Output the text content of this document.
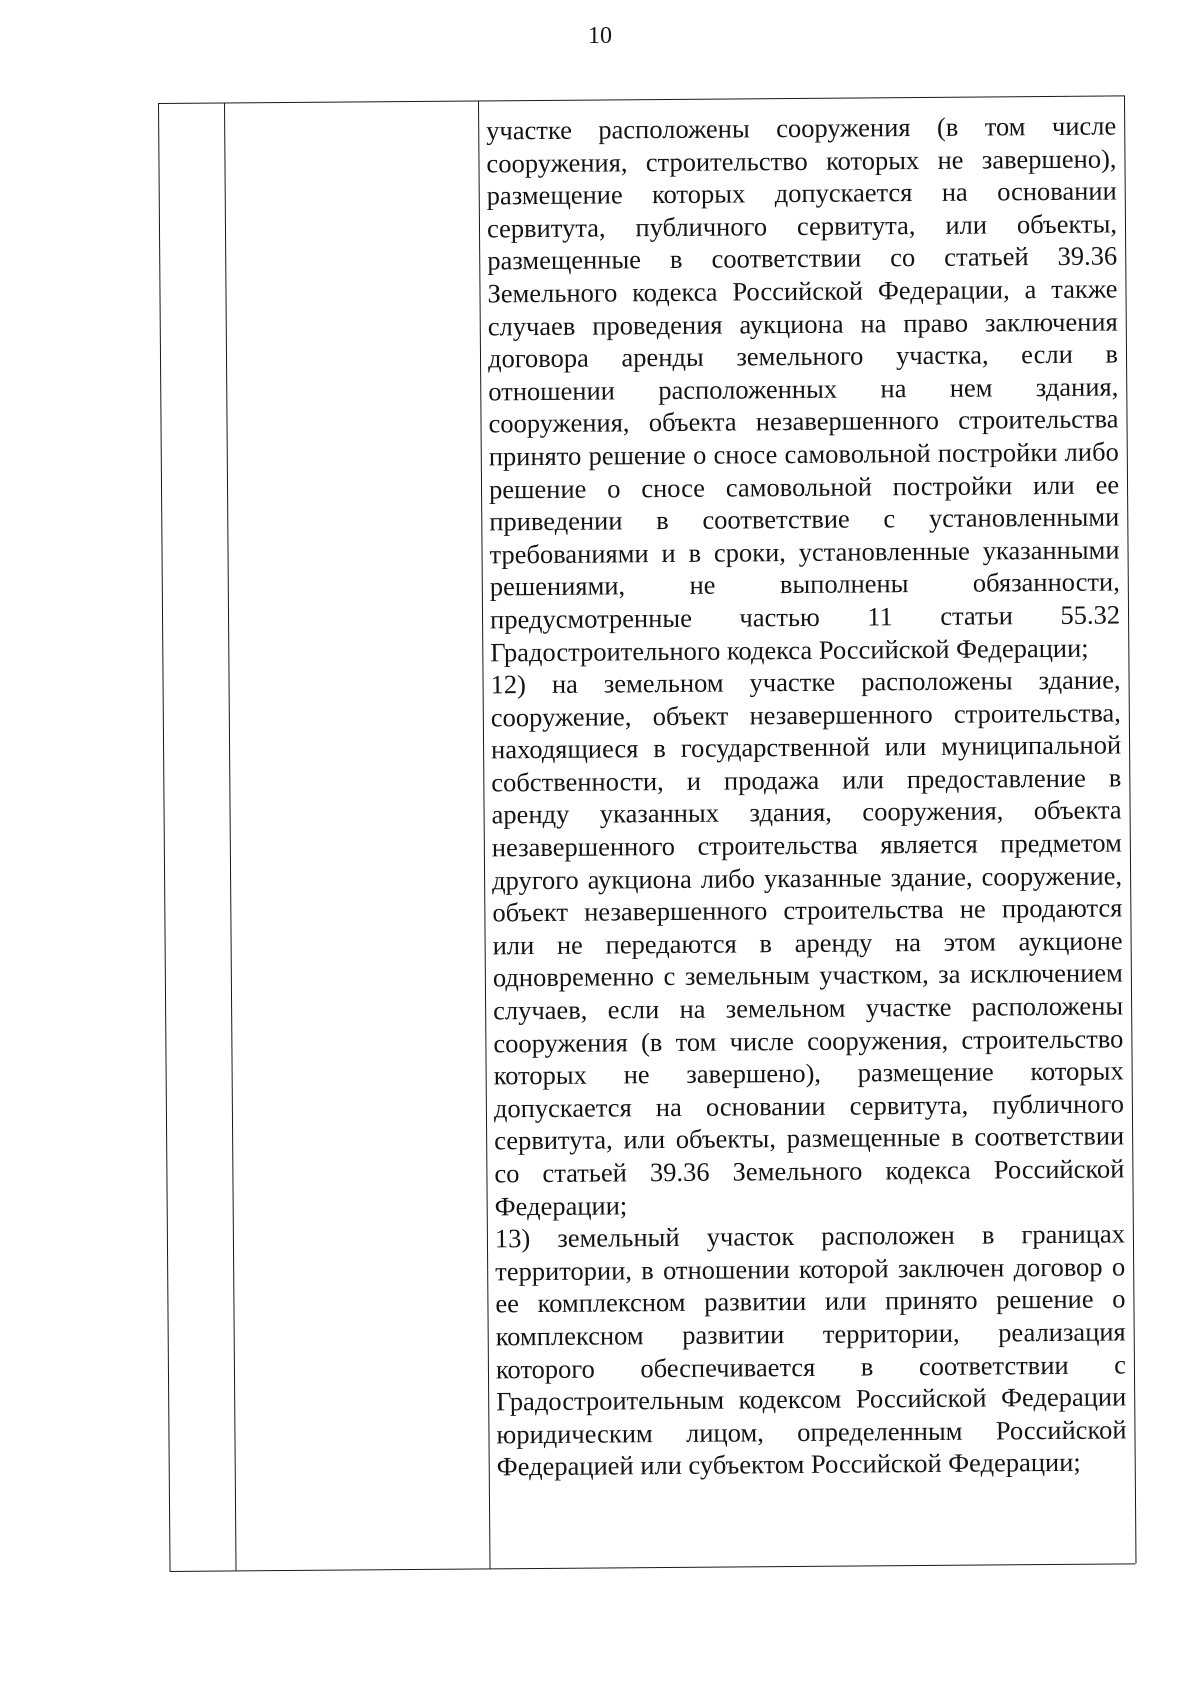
10

участке расположены сооружения (в том числе сооружения, строительство которых не завершено), размещение которых допускается на основании сервитута, публичного сервитута, или объекты, размещенные в соответствии со статьей 39.36 Земельного кодекса Российской Федерации, а также случаев проведения аукциона на право заключения договора аренды земельного участка, если в отношении расположенных на нем здания, сооружения, объекта незавершенного строительства принято решение о сносе самовольной постройки либо решение о сносе самовольной постройки или ее приведении в соответствие с установленными требованиями и в сроки, установленные указанными решениями, не выполнены обязанности, предусмотренные частью 11 статьи 55.32 Градостроительного кодекса Российской Федерации;

12) на земельном участке расположены здание, сооружение, объект незавершенного строительства, находящиеся в государственной или муниципальной собственности, и продажа или предоставление в аренду указанных здания, сооружения, объекта незавершенного строительства является предметом другого аукциона либо указанные здание, сооружение, объект незавершенного строительства не продаются или не передаются в аренду на этом аукционе одновременно с земельным участком, за исключением случаев, если на земельном участке расположены сооружения (в том числе сооружения, строительство которых не завершено), размещение которых допускается на основании сервитута, публичного сервитута, или объекты, размещенные в соответствии со статьей 39.36 Земельного кодекса Российской Федерации;

13) земельный участок расположен в границах территории, в отношении которой заключен договор о ее комплексном развитии или принято решение о комплексном развитии территории, реализация которого обеспечивается в соответствии с Градостроительным кодексом Российской Федерации юридическим лицом, определенным Российской Федерацией или субъектом Российской Федерации;
